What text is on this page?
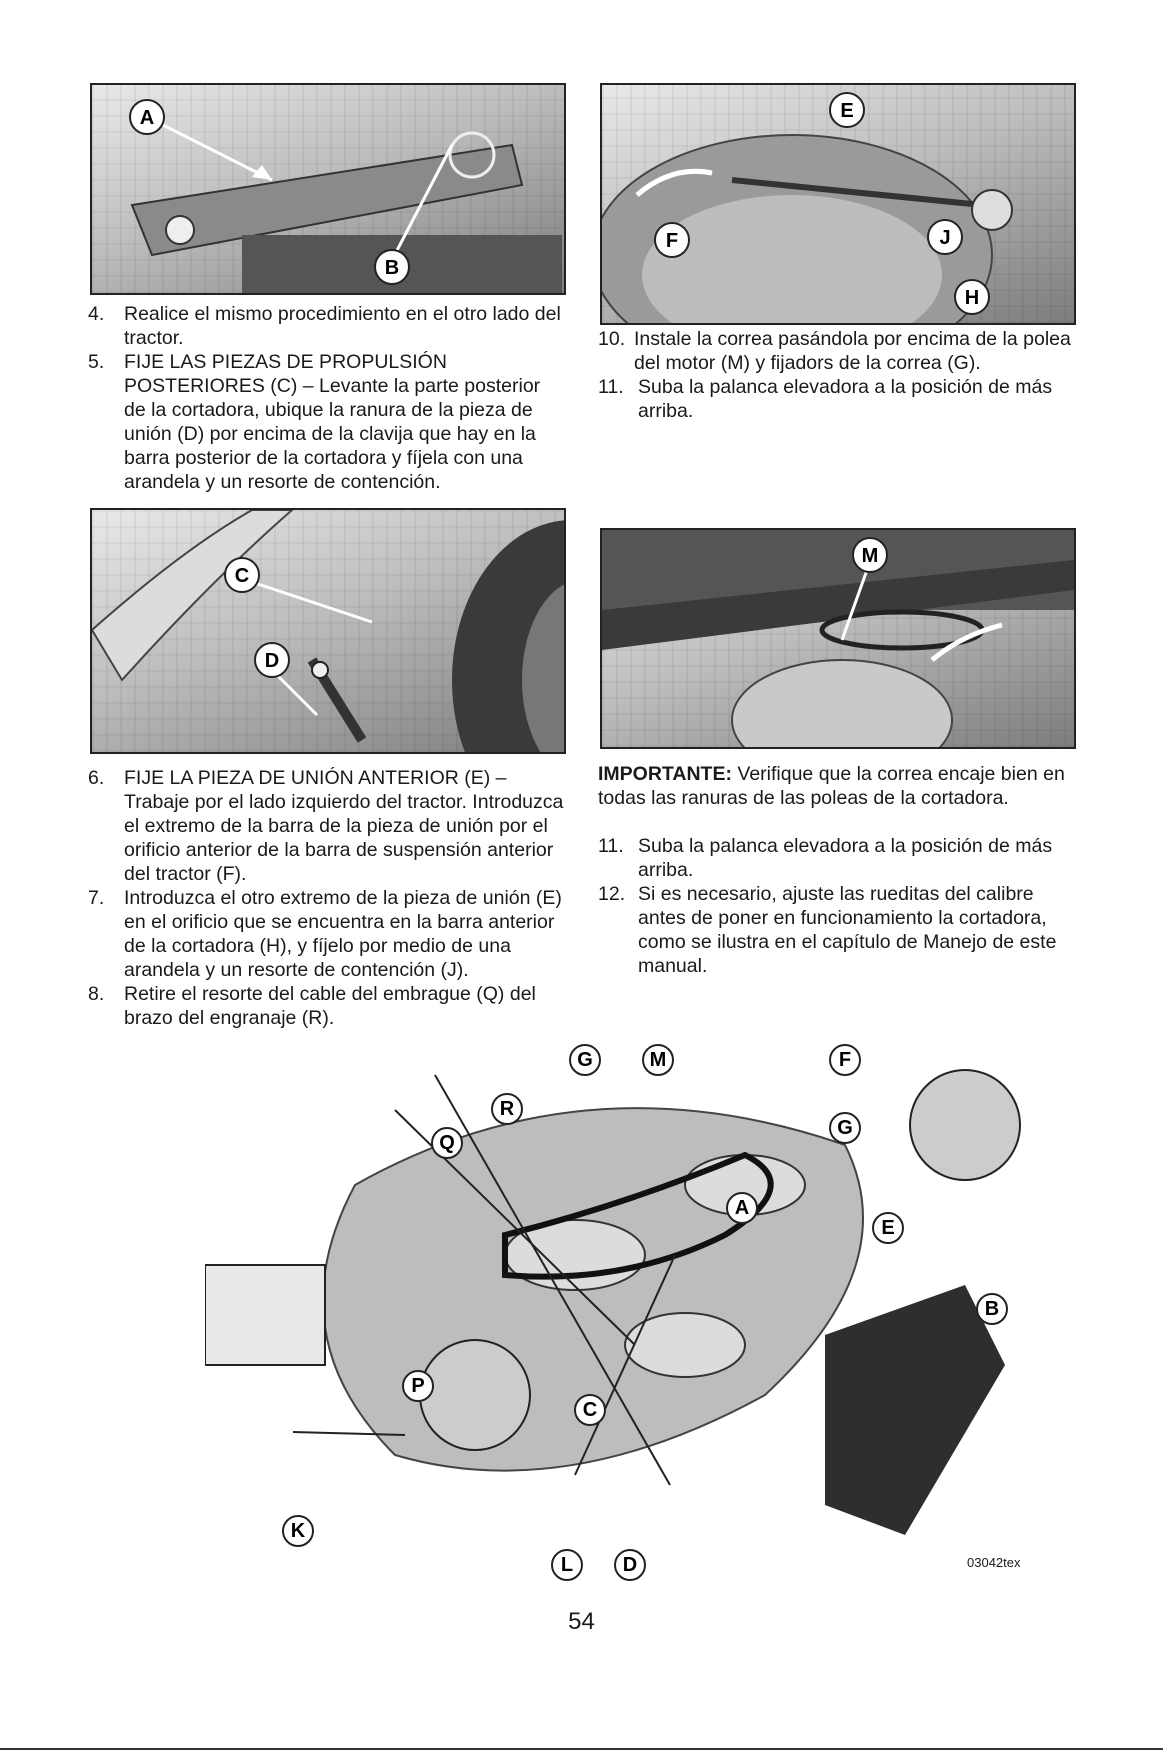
A
B
E
F	J
H

4. Realice el mismo procedimiento en el otro lado del tractor.

5. FIJE LAS PIEZAS DE PROPULSIÓN POSTERIORES (C) – Levante la parte posterior de la cortadora, ubique la ranura de la pieza de unión (D) por encima de la clavija que hay en la barra posterior de la cortadora y fíjela con una arandela y un resorte de contención.

10. Instale la correa pasándola por encima de la polea del motor (M) y fijadors de la correa (G).

11. Suba la palanca elevadora a la posición de más arriba.

C
D
M

6. FIJE LA PIEZA DE UNIÓN ANTERIOR (E) – Trabaje por el lado izquierdo del tractor. Introduzca el extremo de la barra de la pieza de unión por el orificio anterior de la barra de suspensión anterior del tractor (F).

7. Introduzca el otro extremo de la pieza de unión (E) en el orificio que se encuentra en la barra anterior de la cortadora (H), y fíjelo por medio de una arandela y un resorte de contención (J).

8. Retire el resorte del cable del embrague (Q) del brazo del engranaje (R).

IMPORTANTE: Verifique que la correa encaje bien en todas las ranuras de las poleas de la cortadora.

11. Suba la palanca elevadora a la posición de más arriba.

12. Si es necesario, ajuste las rueditas del calibre antes de poner en funcionamiento la cortadora, como se ilustra en el capítulo de Manejo de este manual.

G	M	F
R
G
Q
A
E
B
P
C
K
L D	03042tex
54
